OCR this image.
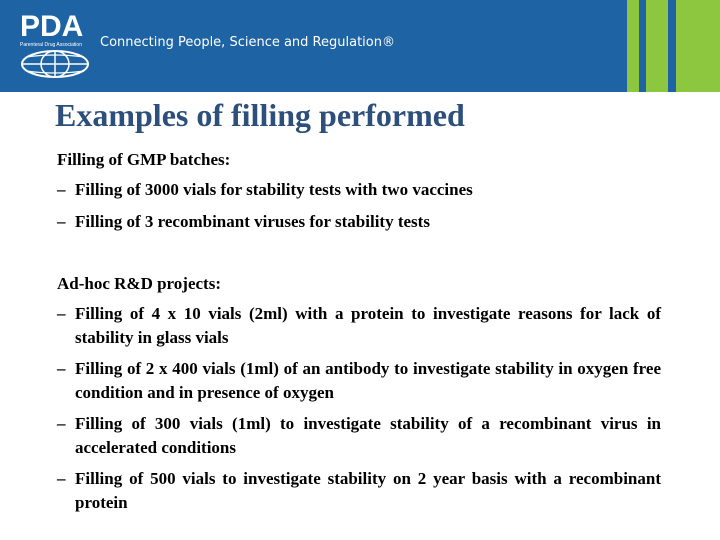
PDA
Parenteral Drug Association Connecting People, Science and Regulation®
Examples of filling performed
Filling of GMP batches:
– Filling of 3000 vials for stability tests with two vaccines
– Filling of 3 recombinant viruses for stability tests
Ad-hoc R&D projects:
– Filling of 4 x 10 vials (2ml) with a protein to investigate reasons for lack of stability in glass vials
– Filling of 2 x 400 vials (1ml) of an antibody to investigate stability in oxygen free condition and in presence of oxygen
– Filling of 300 vials (1ml) to investigate stability of a recombinant virus in accelerated conditions
– Filling of 500 vials to investigate stability on 2 year basis with a recombinant protein
